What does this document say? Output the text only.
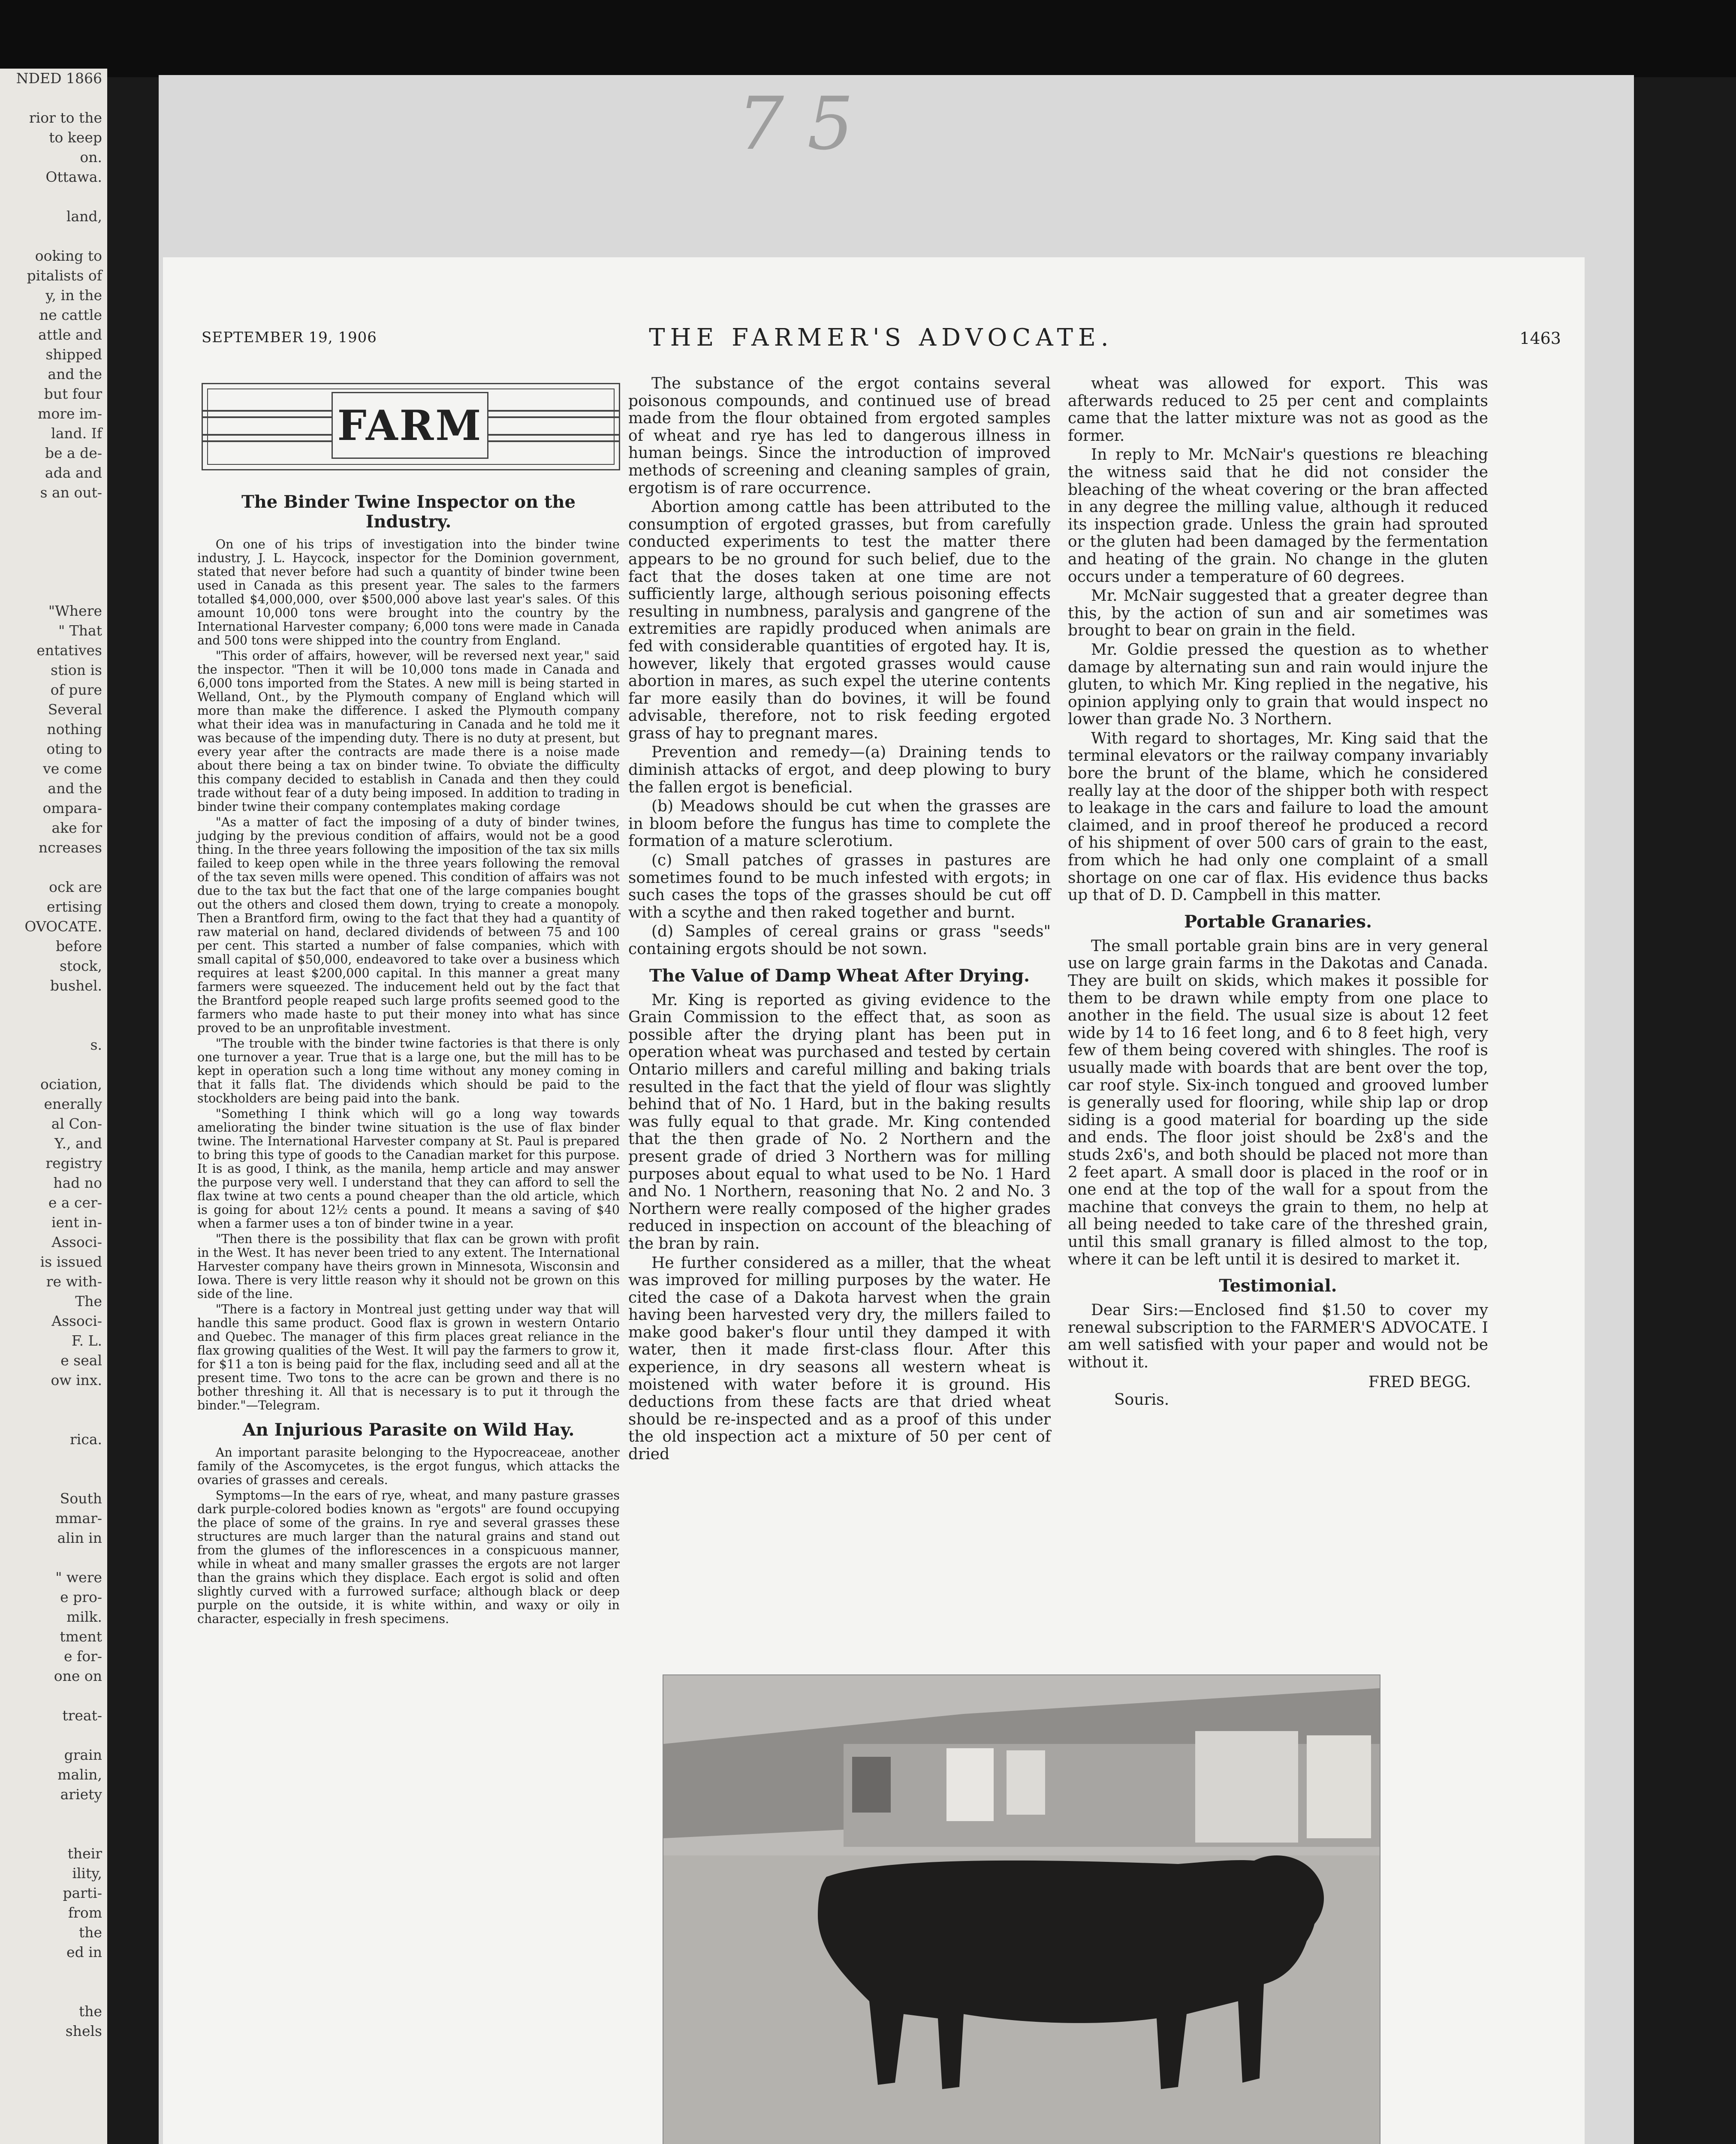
NDED 1866
rior to the
to keep
on.
Ottawa.
land,
ooking to
pitalists of
y, in the
ne cattle
attle and
shipped
and the
but four
more im-
land. If
be a de-
ada and
s an out-
"Where
" That
entatives
stion is
of pure
Several
nothing
oting to
ve come
and the
ompara-
ake for
ncreases
ock are
ertising
OVOCATE.
before
stock,
bushel.
s.
ociation,
enerally
al Con-
Y., and
registry
had no
e a cer-
ient in-
Associ-
is issued
re with-
The
Associ-
F. L.
e seal
ow inx.
rica.
South
mmar-
alin in
" were
e pro-
milk.
tment
e for-
one on
treat-
grain
malin,
ariety
their
ility,
parti-
from
the
ed in
the
shels
7 5
SEPTEMBER 19, 1906	THE FARMER'S ADVOCATE.	1463
FARM
The Binder Twine Inspector on the Industry.

On one of his trips of investigation into the binder twine industry, J. L. Haycock, inspector for the Dominion government, stated that never before had such a quantity of binder twine been used in Canada as this present year. The sales to the farmers totalled $4,000,000, over $500,000 above last year's sales. Of this amount 10,000 tons were brought into the country by the International Harvester company; 6,000 tons were made in Canada and 500 tons were shipped into the country from England.

"This order of affairs, however, will be reversed next year," said the inspector. "Then it will be 10,000 tons made in Canada and 6,000 tons imported from the States. A new mill is being started in Welland, Ont., by the Plymouth company of England which will more than make the difference. I asked the Plymouth company what their idea was in manufacturing in Canada and he told me it was because of the impending duty. There is no duty at present, but every year after the contracts are made there is a noise made about there being a tax on binder twine. To obviate the difficulty this company decided to establish in Canada and then they could trade without fear of a duty being imposed. In addition to trading in binder twine their company contemplates making cordage

"As a matter of fact the imposing of a duty of binder twines, judging by the previous condition of affairs, would not be a good thing. In the three years following the imposition of the tax six mills failed to keep open while in the three years following the removal of the tax seven mills were opened. This condition of affairs was not due to the tax but the fact that one of the large companies bought out the others and closed them down, trying to create a monopoly. Then a Brantford firm, owing to the fact that they had a quantity of raw material on hand, declared dividends of between 75 and 100 per cent. This started a number of false companies, which with small capital of $50,000, endeavored to take over a business which requires at least $200,000 capital. In this manner a great many farmers were squeezed. The inducement held out by the fact that the Brantford people reaped such large profits seemed good to the farmers who made haste to put their money into what has since proved to be an unprofitable investment.

"The trouble with the binder twine factories is that there is only one turnover a year. True that is a large one, but the mill has to be kept in operation such a long time without any money coming in that it falls flat. The dividends which should be paid to the stockholders are being paid into the bank.

"Something I think which will go a long way towards ameliorating the binder twine situation is the use of flax binder twine. The International Harvester company at St. Paul is prepared to bring this type of goods to the Canadian market for this purpose. It is as good, I think, as the manila, hemp article and may answer the purpose very well. I understand that they can afford to sell the flax twine at two cents a pound cheaper than the old article, which is going for about 12½ cents a pound. It means a saving of $40 when a farmer uses a ton of binder twine in a year.

"Then there is the possibility that flax can be grown with profit in the West. It has never been tried to any extent. The International Harvester company have theirs grown in Minnesota, Wisconsin and Iowa. There is very little reason why it should not be grown on this side of the line.

"There is a factory in Montreal just getting under way that will handle this same product. Good flax is grown in western Ontario and Quebec. The manager of this firm places great reliance in the flax growing qualities of the West. It will pay the farmers to grow it, for $11 a ton is being paid for the flax, including seed and all at the present time. Two tons to the acre can be grown and there is no bother threshing it. All that is necessary is to put it through the binder."—Telegram.

An Injurious Parasite on Wild Hay.

An important parasite belonging to the Hypocreaceae, another family of the Ascomycetes, is the ergot fungus, which attacks the ovaries of grasses and cereals.

Symptoms—In the ears of rye, wheat, and many pasture grasses dark purple-colored bodies known as "ergots" are found occupying the place of some of the grains. In rye and several grasses these structures are much larger than the natural grains and stand out from the glumes of the inflorescences in a conspicuous manner, while in wheat and many smaller grasses the ergots are not larger than the grains which they displace. Each ergot is solid and often slightly curved with a furrowed surface; although black or deep purple on the outside, it is white within, and waxy or oily in character, especially in fresh specimens.

The substance of the ergot contains several poisonous compounds, and continued use of bread made from the flour obtained from ergoted samples of wheat and rye has led to dangerous illness in human beings. Since the introduction of improved methods of screening and cleaning samples of grain, ergotism is of rare occurrence.

Abortion among cattle has been attributed to the consumption of ergoted grasses, but from carefully conducted experiments to test the matter there appears to be no ground for such belief, due to the fact that the doses taken at one time are not sufficiently large, although serious poisoning effects resulting in numbness, paralysis and gangrene of the extremities are rapidly produced when animals are fed with considerable quantities of ergoted hay. It is, however, likely that ergoted grasses would cause abortion in mares, as such expel the uterine contents far more easily than do bovines, it will be found advisable, therefore, not to risk feeding ergoted grass of hay to pregnant mares.

Prevention and remedy—(a) Draining tends to diminish attacks of ergot, and deep plowing to bury the fallen ergot is beneficial.

(b) Meadows should be cut when the grasses are in bloom before the fungus has time to complete the formation of a mature sclerotium.

(c) Small patches of grasses in pastures are sometimes found to be much infested with ergots; in such cases the tops of the grasses should be cut off with a scythe and then raked together and burnt.

(d) Samples of cereal grains or grass "seeds" containing ergots should be not sown.

The Value of Damp Wheat After Drying.

Mr. King is reported as giving evidence to the Grain Commission to the effect that, as soon as possible after the drying plant has been put in operation wheat was purchased and tested by certain Ontario millers and careful milling and baking trials resulted in the fact that the yield of flour was slightly behind that of No. 1 Hard, but in the baking results was fully equal to that grade. Mr. King contended that the then grade of No. 2 Northern and the present grade of dried 3 Northern was for milling purposes about equal to what used to be No. 1 Hard and No. 1 Northern, reasoning that No. 2 and No. 3 Northern were really composed of the higher grades reduced in inspection on account of the bleaching of the bran by rain.

He further considered as a miller, that the wheat was improved for milling purposes by the water. He cited the case of a Dakota harvest when the grain having been harvested very dry, the millers failed to make good baker's flour until they damped it with water, then it made first-class flour. After this experience, in dry seasons all western wheat is moistened with water before it is ground. His deductions from these facts are that dried wheat should be re-inspected and as a proof of this under the old inspection act a mixture of 50 per cent of dried

wheat was allowed for export. This was afterwards reduced to 25 per cent and complaints came that the latter mixture was not as good as the former.

In reply to Mr. McNair's questions re bleaching the witness said that he did not consider the bleaching of the wheat covering or the bran affected in any degree the milling value, although it reduced its inspection grade. Unless the grain had sprouted or the gluten had been damaged by the fermentation and heating of the grain. No change in the gluten occurs under a temperature of 60 degrees.

Mr. McNair suggested that a greater degree than this, by the action of sun and air sometimes was brought to bear on grain in the field.

Mr. Goldie pressed the question as to whether damage by alternating sun and rain would injure the gluten, to which Mr. King replied in the negative, his opinion applying only to grain that would inspect no lower than grade No. 3 Northern.

With regard to shortages, Mr. King said that the terminal elevators or the railway company invariably bore the brunt of the blame, which he considered really lay at the door of the shipper both with respect to leakage in the cars and failure to load the amount claimed, and in proof thereof he produced a record of his shipment of over 500 cars of grain to the east, from which he had only one complaint of a small shortage on one car of flax. His evidence thus backs up that of D. D. Campbell in this matter.

Portable Granaries.

The small portable grain bins are in very general use on large grain farms in the Dakotas and Canada. They are built on skids, which makes it possible for them to be drawn while empty from one place to another in the field. The usual size is about 12 feet wide by 14 to 16 feet long, and 6 to 8 feet high, very few of them being covered with shingles. The roof is usually made with boards that are bent over the top, car roof style. Six-inch tongued and grooved lumber is generally used for flooring, while ship lap or drop siding is a good material for boarding up the side and ends. The floor joist should be 2x8's and the studs 2x6's, and both should be placed not more than 2 feet apart. A small door is placed in the roof or in one end at the top of the wall for a spout from the machine that conveys the grain to them, no help at all being needed to take care of the threshed grain, until this small granary is filled almost to the top, where it can be left until it is desired to market it.

Testimonial.

Dear Sirs:—Enclosed find $1.50 to cover my renewal subscription to the FARMER'S ADVOCATE. I am well satisfied with your paper and would not be without it.

FRED BEGG.
Souris.
